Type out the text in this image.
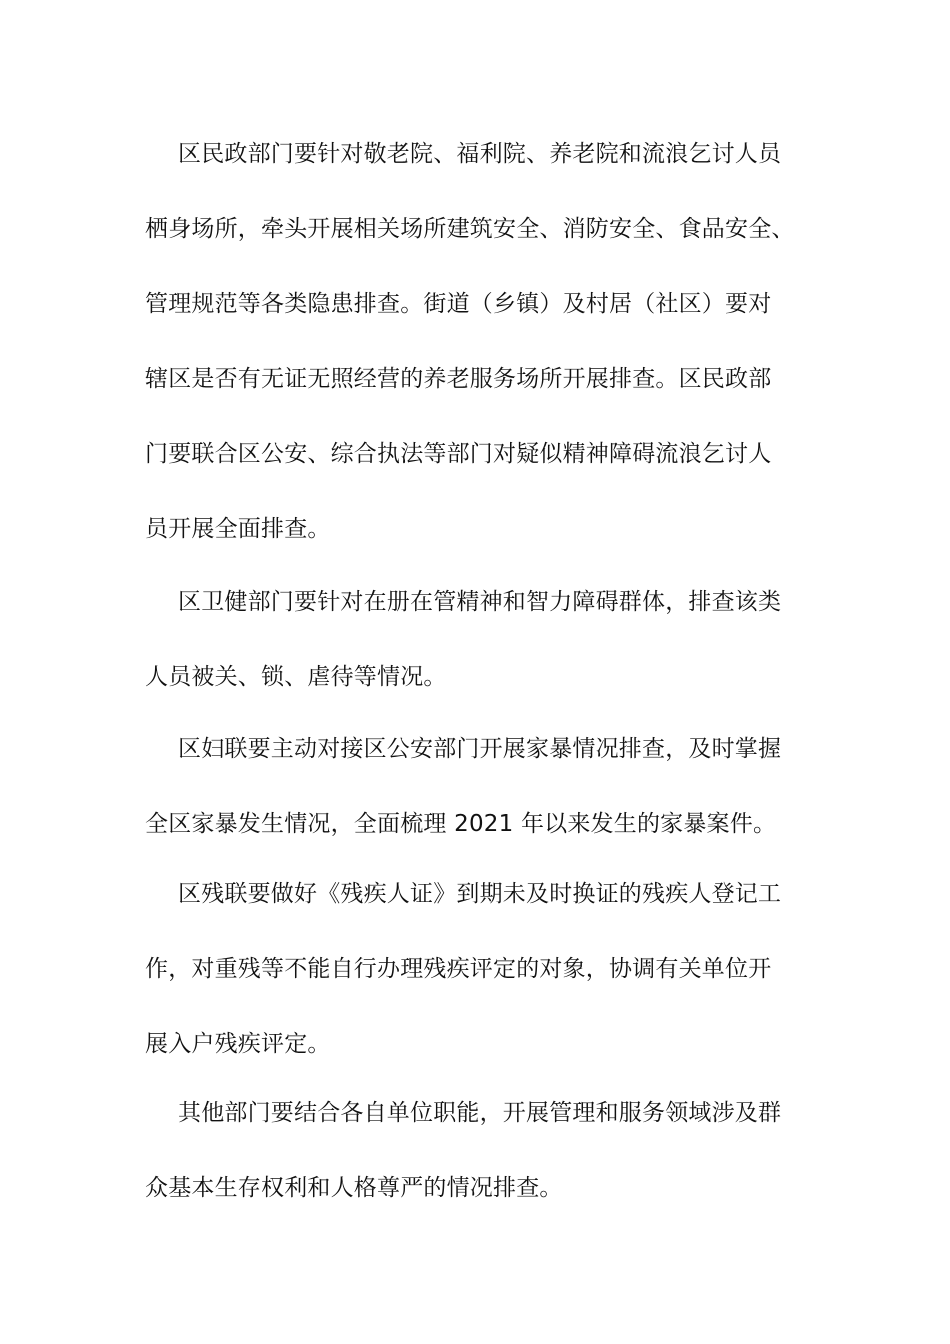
区民政部门要针对敬老院、福利院、养老院和流浪乞讨人员
栖身场所，牵头开展相关场所建筑安全、消防安全、食品安全、
管理规范等各类隐患排查。街道（乡镇）及村居（社区）要对
辖区是否有无证无照经营的养老服务场所开展排查。区民政部
门要联合区公安、综合执法等部门对疑似精神障碍流浪乞讨人
员开展全面排查。
区卫健部门要针对在册在管精神和智力障碍群体，排查该类
人员被关、锁、虐待等情况。
区妇联要主动对接区公安部门开展家暴情况排查，及时掌握
全区家暴发生情况，全面梳理 2021 年以来发生的家暴案件。
区残联要做好《残疾人证》到期未及时换证的残疾人登记工
作，对重残等不能自行办理残疾评定的对象，协调有关单位开
展入户残疾评定。
其他部门要结合各自单位职能，开展管理和服务领域涉及群
众基本生存权利和人格尊严的情况排查。
